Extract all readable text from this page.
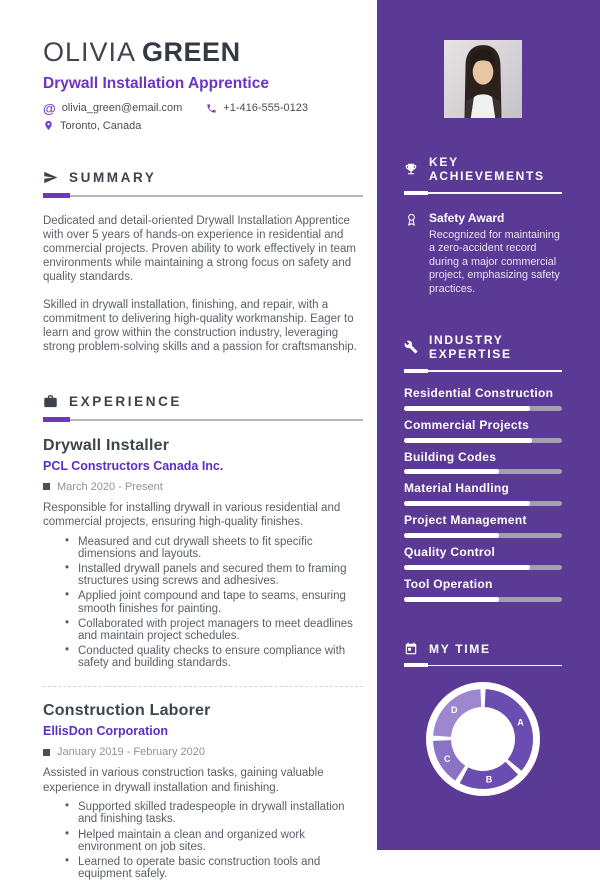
OLIVIA GREEN
Drywall Installation Apprentice
@ olivia_green@email.com	+1-416-555-0123
Toronto, Canada
SUMMARY

Dedicated and detail-oriented Drywall Installation Apprentice with over 5 years of hands-on experience in residential and commercial projects. Proven ability to work effectively in team environments while maintaining a strong focus on safety and quality standards.

Skilled in drywall installation, finishing, and repair, with a commitment to delivering high-quality workmanship. Eager to learn and grow within the construction industry, leveraging strong problem-solving skills and a passion for craftsmanship.

EXPERIENCE
Drywall Installer
PCL Constructors Canada Inc.
March 2020 - Present

Responsible for installing drywall in various residential and commercial projects, ensuring high-quality finishes.

• Measured and cut drywall sheets to fit specific dimensions and layouts.
• Installed drywall panels and secured them to framing structures using screws and adhesives.
• Applied joint compound and tape to seams, ensuring smooth finishes for painting.
• Collaborated with project managers to meet deadlines and maintain project schedules.
• Conducted quality checks to ensure compliance with safety and building standards.
Construction Laborer
EllisDon Corporation
January 2019 - February 2020

Assisted in various construction tasks, gaining valuable experience in drywall installation and finishing.

• Supported skilled tradespeople in drywall installation and finishing tasks.
• Helped maintain a clean and organized work environment on job sites.
• Learned to operate basic construction tools and equipment safely.
KEY ACHIEVEMENTS
Safety Award
Recognized for maintaining a zero-accident record during a major commercial project, emphasizing safety practices.
INDUSTRY EXPERTISE
Residential Construction
Commercial Projects
Building Codes
Material Handling
Project Management
Quality Control
Tool Operation
MY TIME
A
B
C
D
